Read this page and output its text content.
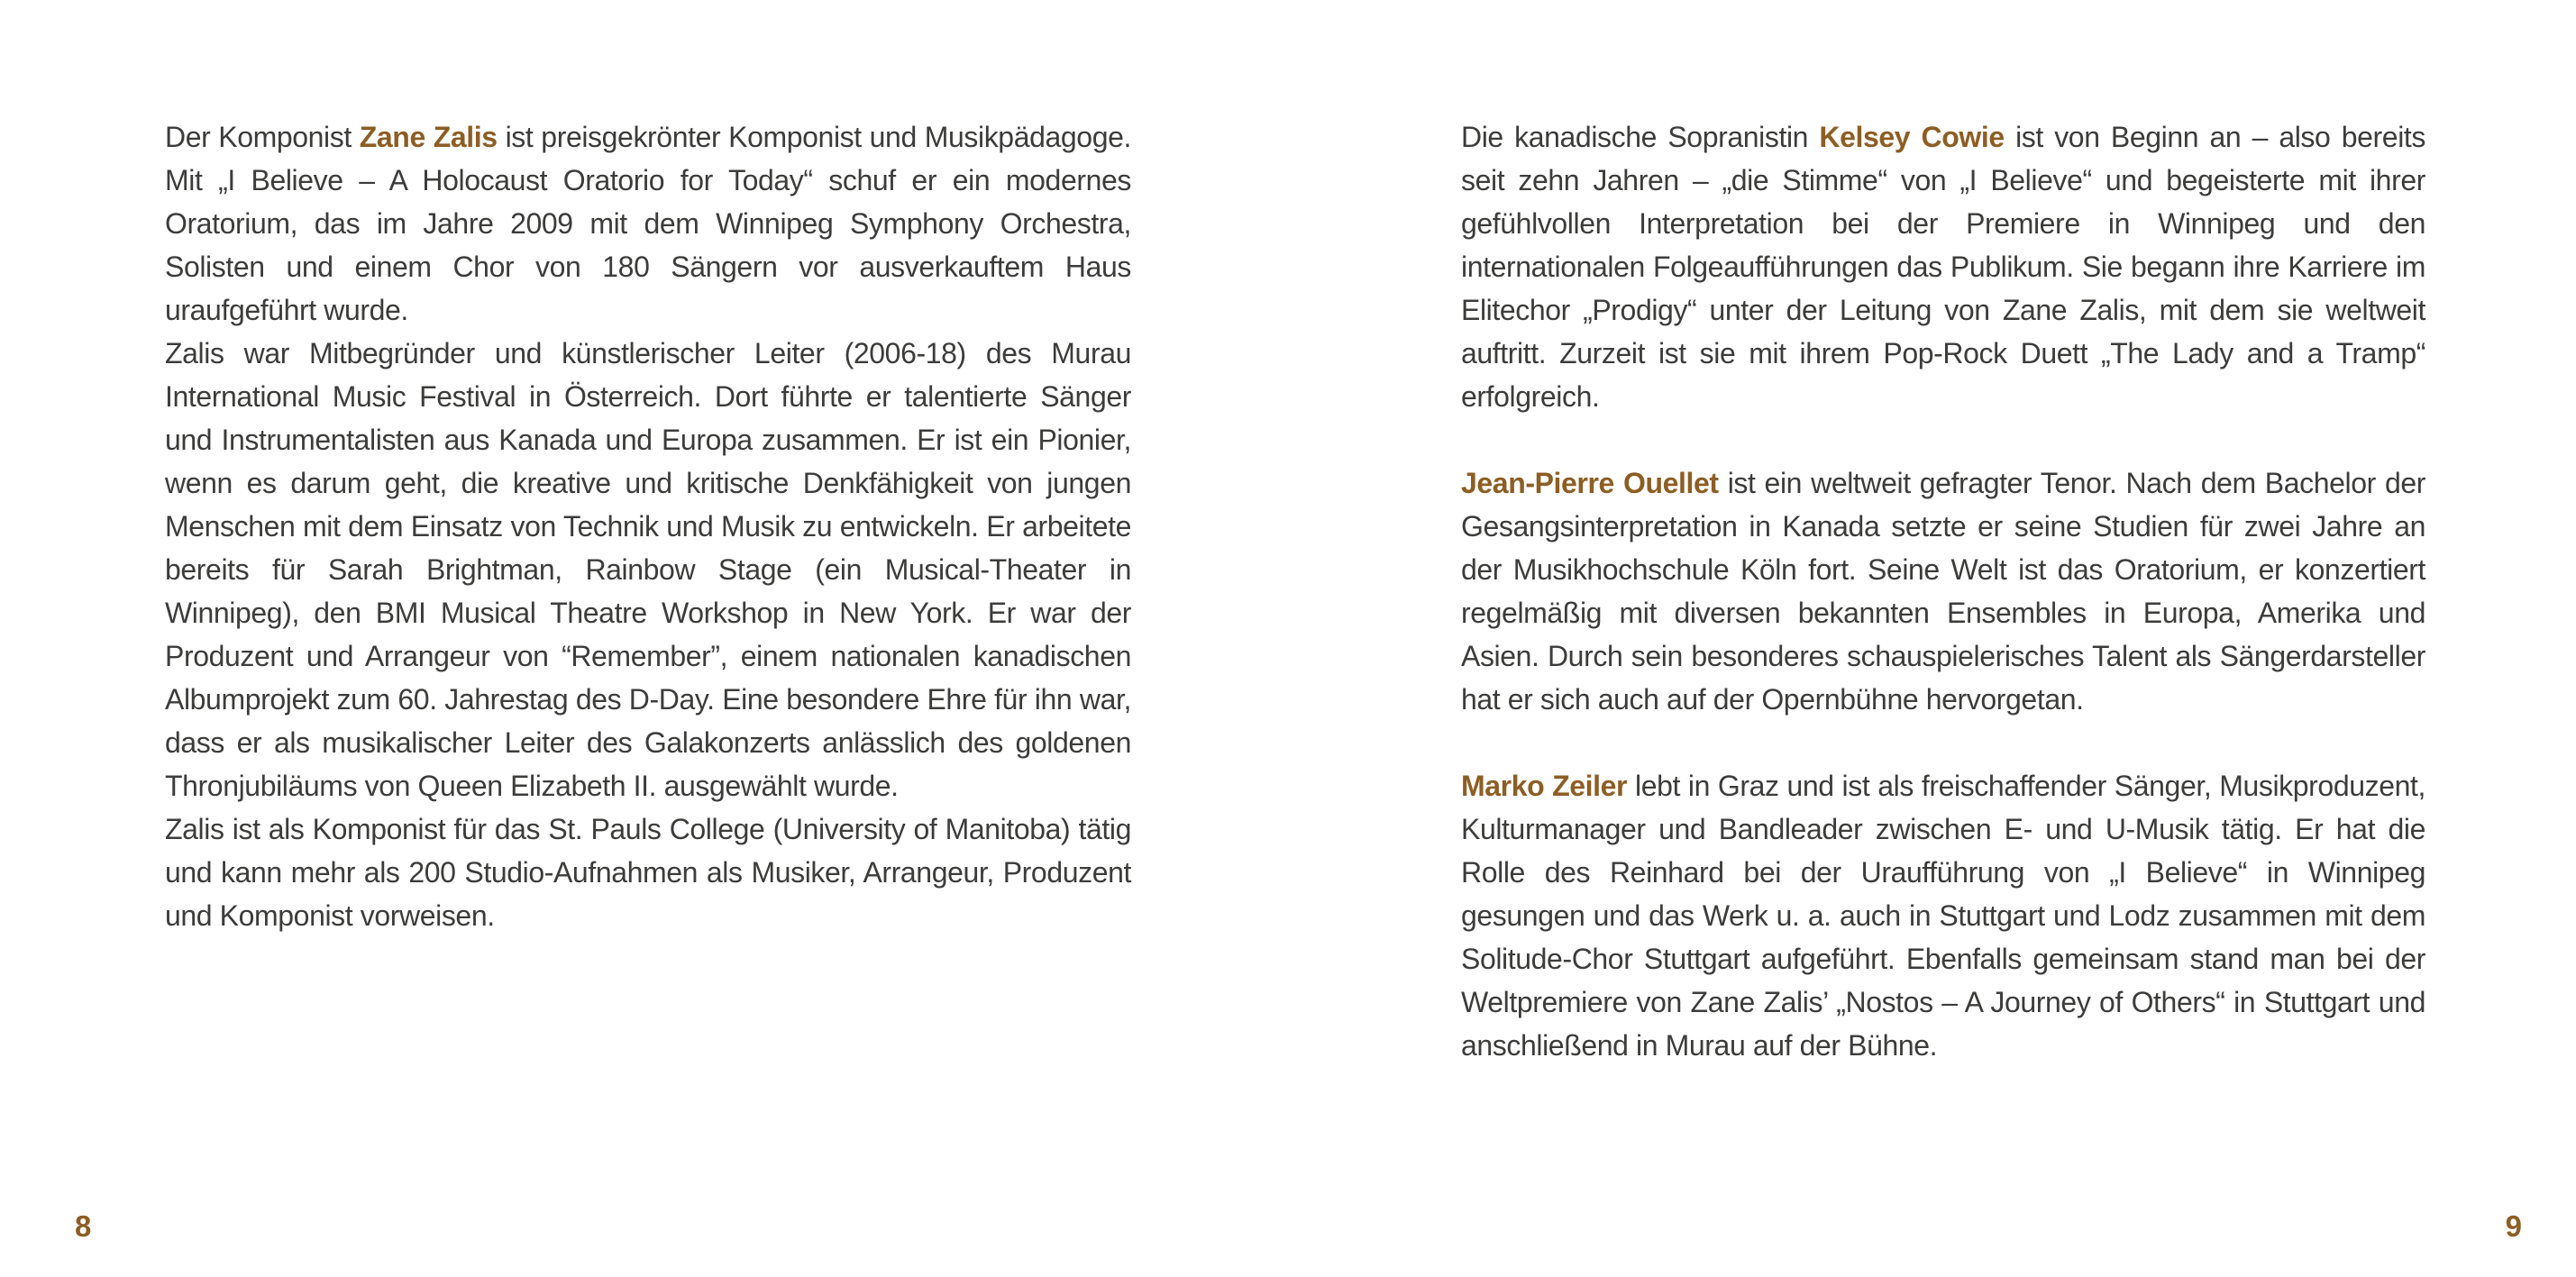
Der Komponist Zane Zalis ist preisgekrönter Komponist und Musikpädagoge. Mit „I Believe – A Holocaust Oratorio for Today“ schuf er ein modernes Oratorium, das im Jahre 2009 mit dem Winnipeg Symphony Orchestra, Solisten und einem Chor von 180 Sängern vor ausverkauftem Haus uraufgeführt wurde.

Zalis war Mitbegründer und künstlerischer Leiter (2006-18) des Murau International Music Festival in Österreich. Dort führte er talentierte Sänger und Instrumentalisten aus Kanada und Europa zusammen. Er ist ein Pionier, wenn es darum geht, die kreative und kritische Denkfähigkeit von jungen Menschen mit dem Einsatz von Technik und Musik zu entwickeln. Er arbeitete bereits für Sarah Brightman, Rainbow Stage (ein Musical-Theater in Winnipeg), den BMI Musical Theatre Workshop in New York. Er war der Produzent und Arrangeur von “Remember”, einem nationalen kanadischen Albumprojekt zum 60. Jahrestag des D-Day. Eine besondere Ehre für ihn war, dass er als musikalischer Leiter des Galakonzerts anlässlich des goldenen Thronjubiläums von Queen Elizabeth II. ausgewählt wurde.

Zalis ist als Komponist für das St. Pauls College (University of Manitoba) tätig und kann mehr als 200 Studio-Aufnahmen als Musiker, Arrangeur, Produzent und Komponist vorweisen.

Die kanadische Sopranistin Kelsey Cowie ist von Beginn an – also bereits seit zehn Jahren – „die Stimme“ von „I Believe“ und begeisterte mit ihrer gefühlvollen Interpretation bei der Premiere in Winnipeg und den internationalen Folgeaufführungen das Publikum. Sie begann ihre Karriere im Elitechor „Prodigy“ unter der Leitung von Zane Zalis, mit dem sie weltweit auftritt. Zurzeit ist sie mit ihrem Pop-Rock Duett „The Lady and a Tramp“ erfolgreich.

Jean-Pierre Ouellet ist ein weltweit gefragter Tenor. Nach dem Bachelor der Gesangsinterpretation in Kanada setzte er seine Studien für zwei Jahre an der Musikhochschule Köln fort. Seine Welt ist das Oratorium, er konzertiert regelmäßig mit diversen bekannten Ensembles in Europa, Amerika und Asien. Durch sein besonderes schauspielerisches Talent als Sängerdarsteller hat er sich auch auf der Opernbühne hervorgetan.

Marko Zeiler lebt in Graz und ist als freischaffender Sänger, Musikproduzent, Kulturmanager und Bandleader zwischen E- und U-Musik tätig. Er hat die Rolle des Reinhard bei der Uraufführung von „I Believe“ in Winnipeg gesungen und das Werk u. a. auch in Stuttgart und Lodz zusammen mit dem Solitude-Chor Stuttgart aufgeführt. Ebenfalls gemeinsam stand man bei der Weltpremiere von Zane Zalis’ „Nostos – A Journey of Others“ in Stuttgart und anschließend in Murau auf der Bühne.

8	9
